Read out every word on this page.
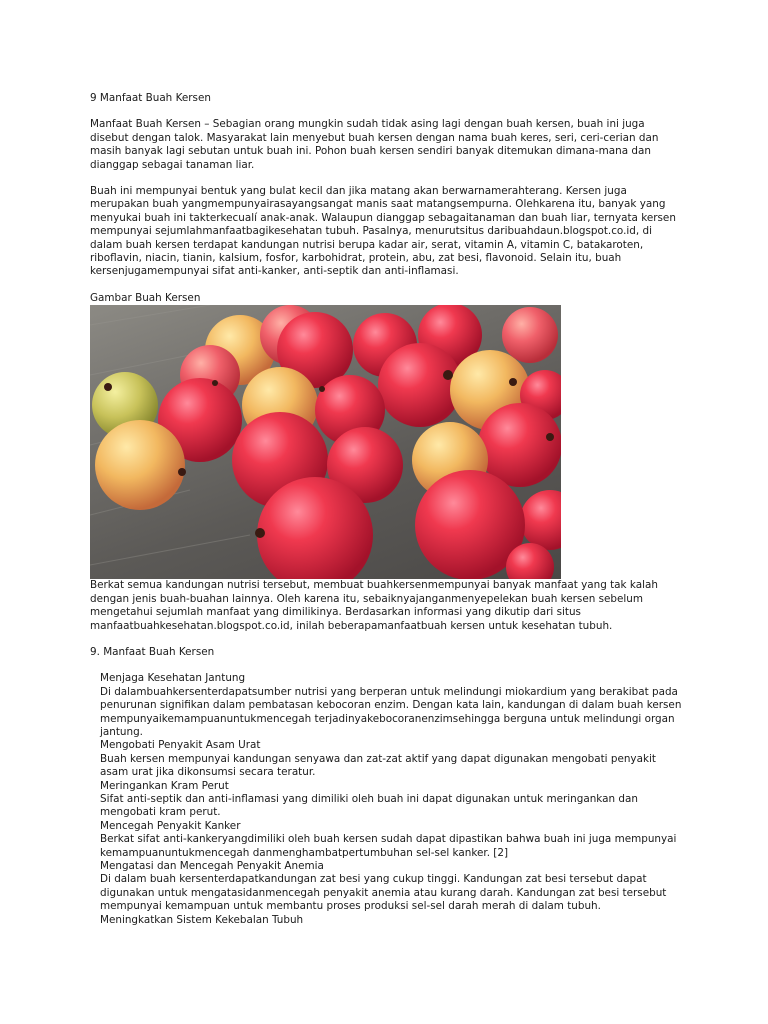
9 Manfaat Buah Kersen

Manfaat Buah Kersen – Sebagian orang mungkin sudah tidak asing lagi dengan buah kersen, buah ini juga disebut dengan talok. Masyarakat lain menyebut buah kersen dengan nama buah keres, seri, ceri-cerian dan masih banyak lagi sebutan untuk buah ini. Pohon buah kersen sendiri banyak ditemukan dimana-mana dan dianggap sebagai tanaman liar.

Buah ini mempunyai bentuk yang bulat kecil dan jika matang akan berwarnamerahterang. Kersen juga merupakan buah yangmempunyairasayangsangat manis saat matangsempurna. Olehkarena itu, banyak yang menyukai buah ini takterkecualí anak-anak. Walaupun dianggap sebagaitanaman dan buah liar, ternyata kersen mempunyai sejumlahmanfaatbagikesehatan tubuh. Pasalnya, menurutsitus daribuahdaun.blogspot.co.id, di dalam buah kersen terdapat kandungan nutrisi berupa kadar air, serat, vitamin A, vitamin C, batakaroten, riboflavin, niacin, tianin, kalsium, fosfor, karbohidrat, protein, abu, zat besi, flavonoid. Selain itu, buah kersenjugamempunyai sifat anti-kanker, anti-septik dan anti-inflamasi.

Gambar Buah Kersen

Berkat semua kandungan nutrisi tersebut, membuat buahkersenmempunyai banyak manfaat yang tak kalah dengan jenis buah-buahan lainnya. Oleh karena itu, sebaiknyajanganmenyepelekan buah kersen sebelum mengetahui sejumlah manfaat yang dimilikinya. Berdasarkan informasi yang dikutip dari situs manfaatbuahkesehatan.blogspot.co.id, inilah beberapamanfaatbuah kersen untuk kesehatan tubuh.

9. Manfaat Buah Kersen

Menjaga Kesehatan Jantung

Di dalambuahkersenterdapatsumber nutrisi yang berperan untuk melindungi miokardium yang berakibat pada penurunan signifikan dalam pembatasan kebocoran enzim. Dengan kata lain, kandungan di dalam buah kersen mempunyaikemampuanuntukmencegah terjadinyakebocoranenzimsehingga berguna untuk melindungi organ jantung.

Mengobati Penyakit Asam Urat

Buah kersen mempunyai kandungan senyawa dan zat-zat aktif yang dapat digunakan mengobati penyakit asam urat jika dikonsumsi secara teratur.

Meringankan Kram Perut

Sifat anti-septik dan anti-inflamasi yang dimiliki oleh buah ini dapat digunakan untuk meringankan dan mengobati kram perut.

Mencegah Penyakit Kanker

Berkat sifat anti-kankeryangdimiliki oleh buah kersen sudah dapat dipastikan bahwa buah ini juga mempunyai kemampuanuntukmencegah danmenghambatpertumbuhan sel-sel kanker. [2]

Mengatasi dan Mencegah Penyakit Anemia

Di dalam buah kersenterdapatkandungan zat besi yang cukup tinggi. Kandungan zat besi tersebut dapat digunakan untuk mengatasidanmencegah penyakit anemia atau kurang darah. Kandungan zat besi tersebut mempunyai kemampuan untuk membantu proses produksi sel-sel darah merah di dalam tubuh.

Meningkatkan Sistem Kekebalan Tubuh
